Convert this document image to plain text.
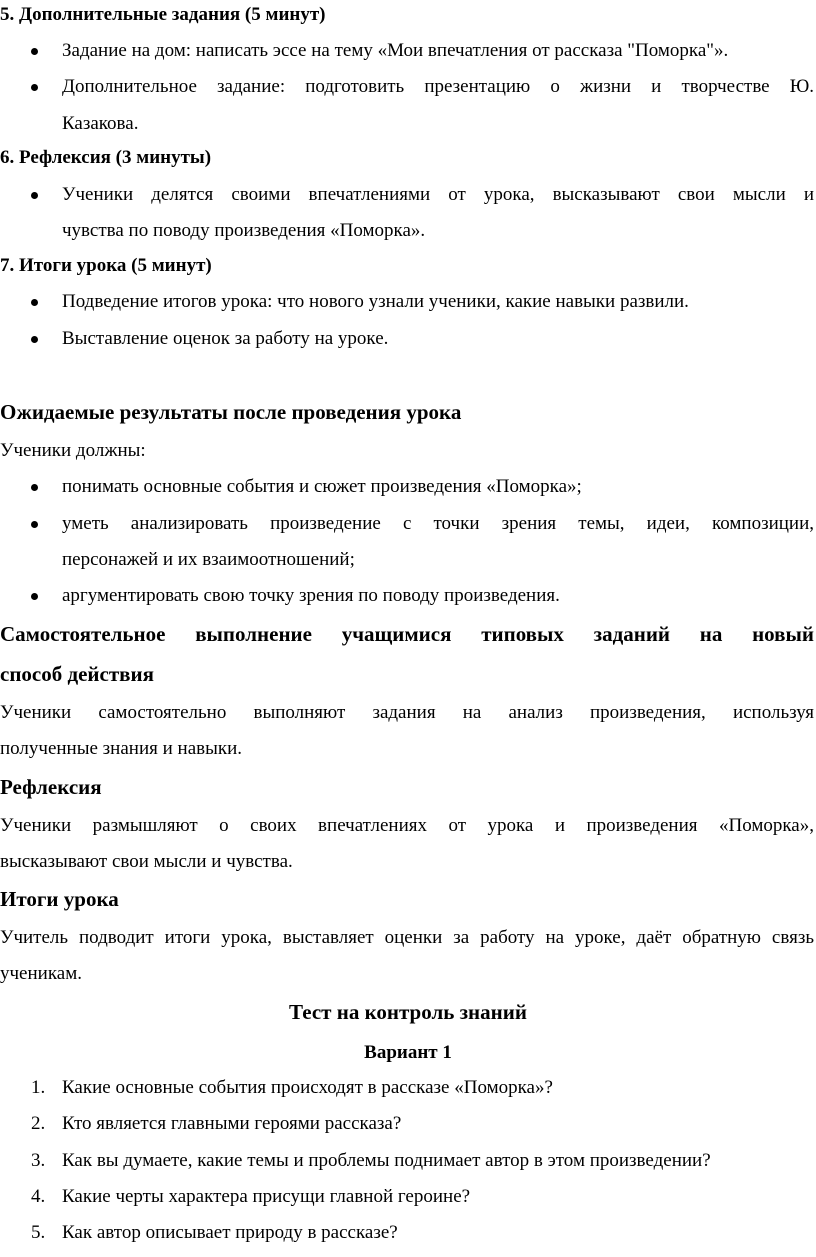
5. Дополнительные задания (5 минут)
Задание на дом: написать эссе на тему «Мои впечатления от рассказа "Поморка"».
Дополнительное задание: подготовить презентацию о жизни и творчестве Ю.
Казакова.
6. Рефлексия (3 минуты)
Ученики делятся своими впечатлениями от урока, высказывают свои мысли и
чувства по поводу произведения «Поморка».
7. Итоги урока (5 минут)
Подведение итогов урока: что нового узнали ученики, какие навыки развили.
Выставление оценок за работу на уроке.
Ожидаемые результаты после проведения урока
Ученики должны:
понимать основные события и сюжет произведения «Поморка»;
уметь анализировать произведение с точки зрения темы, идеи, композиции,
персонажей и их взаимоотношений;
аргументировать свою точку зрения по поводу произведения.
Самостоятельное выполнение учащимися типовых заданий на новый
способ действия
Ученики самостоятельно выполняют задания на анализ произведения, используя
полученные знания и навыки.
Рефлексия
Ученики размышляют о своих впечатлениях от урока и произведения «Поморка»,
высказывают свои мысли и чувства.
Итоги урока
Учитель подводит итоги урока, выставляет оценки за работу на уроке, даёт обратную связь
ученикам.
Тест на контроль знаний
Вариант 1
1. Какие основные события происходят в рассказе «Поморка»?
2. Кто является главными героями рассказа?
3. Как вы думаете, какие темы и проблемы поднимает автор в этом произведении?
4. Какие черты характера присущи главной героине?
5. Как автор описывает природу в рассказе?
